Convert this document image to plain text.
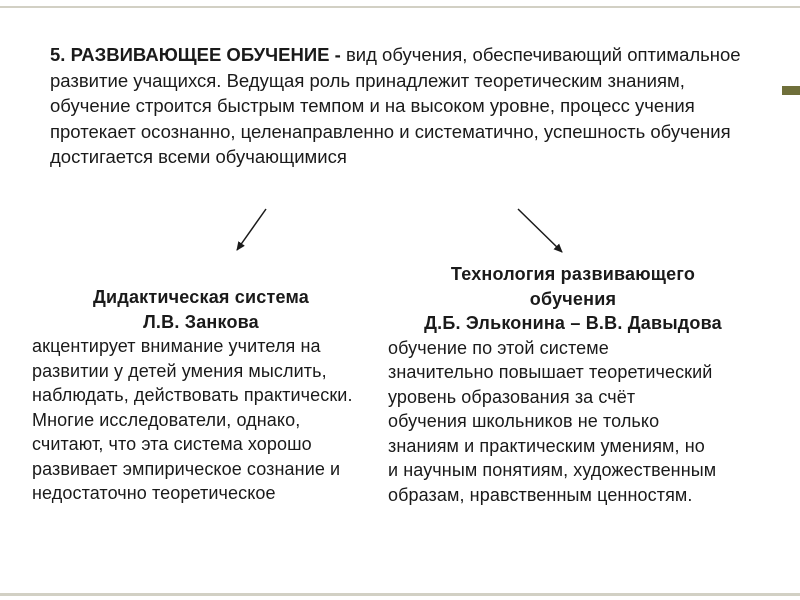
5. РАЗВИВАЮЩЕЕ ОБУЧЕНИЕ - вид обучения, обеспечивающий оптимальное развитие учащихся. Ведущая роль принадлежит теоретическим знаниям, обучение строится быстрым темпом и на высоком уровне, процесс учения протекает осознанно, целенаправленно и систематично, успешность обучения достигается всеми обучающимися
Дидактическая система
Л.В. Занкова
акцентирует внимание учителя на развитии у детей умения мыслить, наблюдать, действовать практически. Многие исследователи, однако, считают, что эта система хорошо развивает эмпирическое сознание и недостаточно теоретическое
Технология развивающего
обучения
Д.Б. Эльконина – В.В. Давыдова
обучение по этой системе значительно повышает теоретический уровень образования за счёт обучения школьников не только знаниям и практическим умениям, но и научным понятиям, художественным образам, нравственным ценностям.
